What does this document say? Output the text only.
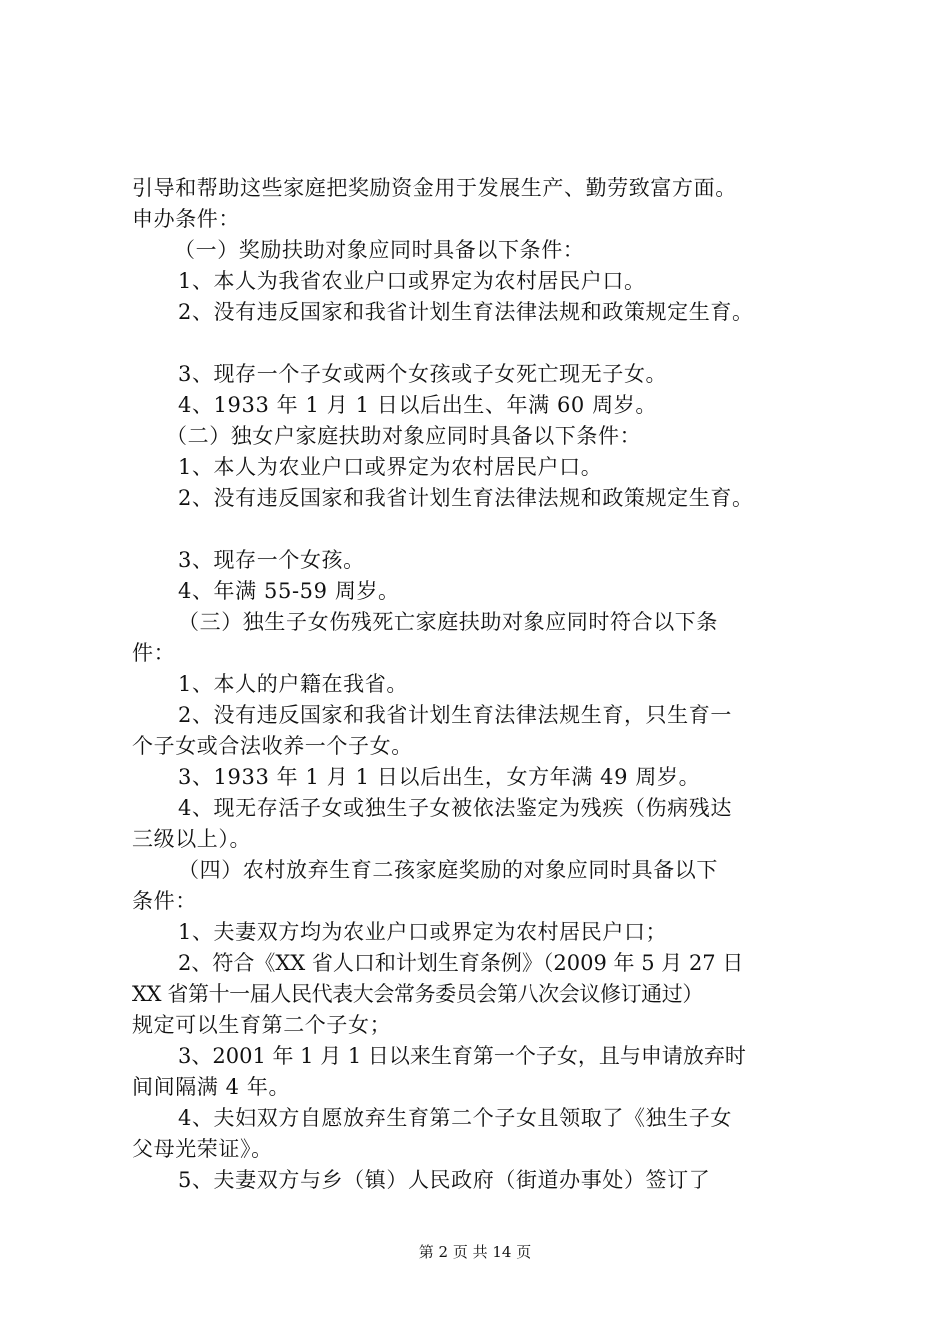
引导和帮助这些家庭把奖励资金用于发展生产、勤劳致富方面。
申办条件：
（一）奖励扶助对象应同时具备以下条件：
1、本人为我省农业户口或界定为农村居民户口。
2、没有违反国家和我省计划生育法律法规和政策规定生育。
3、现存一个子女或两个女孩或子女死亡现无子女。
4、1933 年 1 月 1 日以后出生、年满 60 周岁。
（二）独女户家庭扶助对象应同时具备以下条件：
1、本人为农业户口或界定为农村居民户口。
2、没有违反国家和我省计划生育法律法规和政策规定生育。
3、现存一个女孩。
4、年满 55-59 周岁。
（三）独生子女伤残死亡家庭扶助对象应同时符合以下条
件：
1、本人的户籍在我省。
2、没有违反国家和我省计划生育法律法规生育，只生育一
个子女或合法收养一个子女。
3、1933 年 1 月 1 日以后出生，女方年满 49 周岁。
4、现无存活子女或独生子女被依法鉴定为残疾（伤病残达
三级以上）。
（四）农村放弃生育二孩家庭奖励的对象应同时具备以下
条件：
1、夫妻双方均为农业户口或界定为农村居民户口；
2、符合《XX 省人口和计划生育条例》（2009 年 5 月 27 日
XX 省第十一届人民代表大会常务委员会第八次会议修订通过）
规定可以生育第二个子女；
3、2001 年 1 月 1 日以来生育第一个子女，且与申请放弃时
间间隔满 4 年。
4、夫妇双方自愿放弃生育第二个子女且领取了《独生子女
父母光荣证》。
5、夫妻双方与乡（镇）人民政府（街道办事处）签订了
第 2 页 共 14 页
